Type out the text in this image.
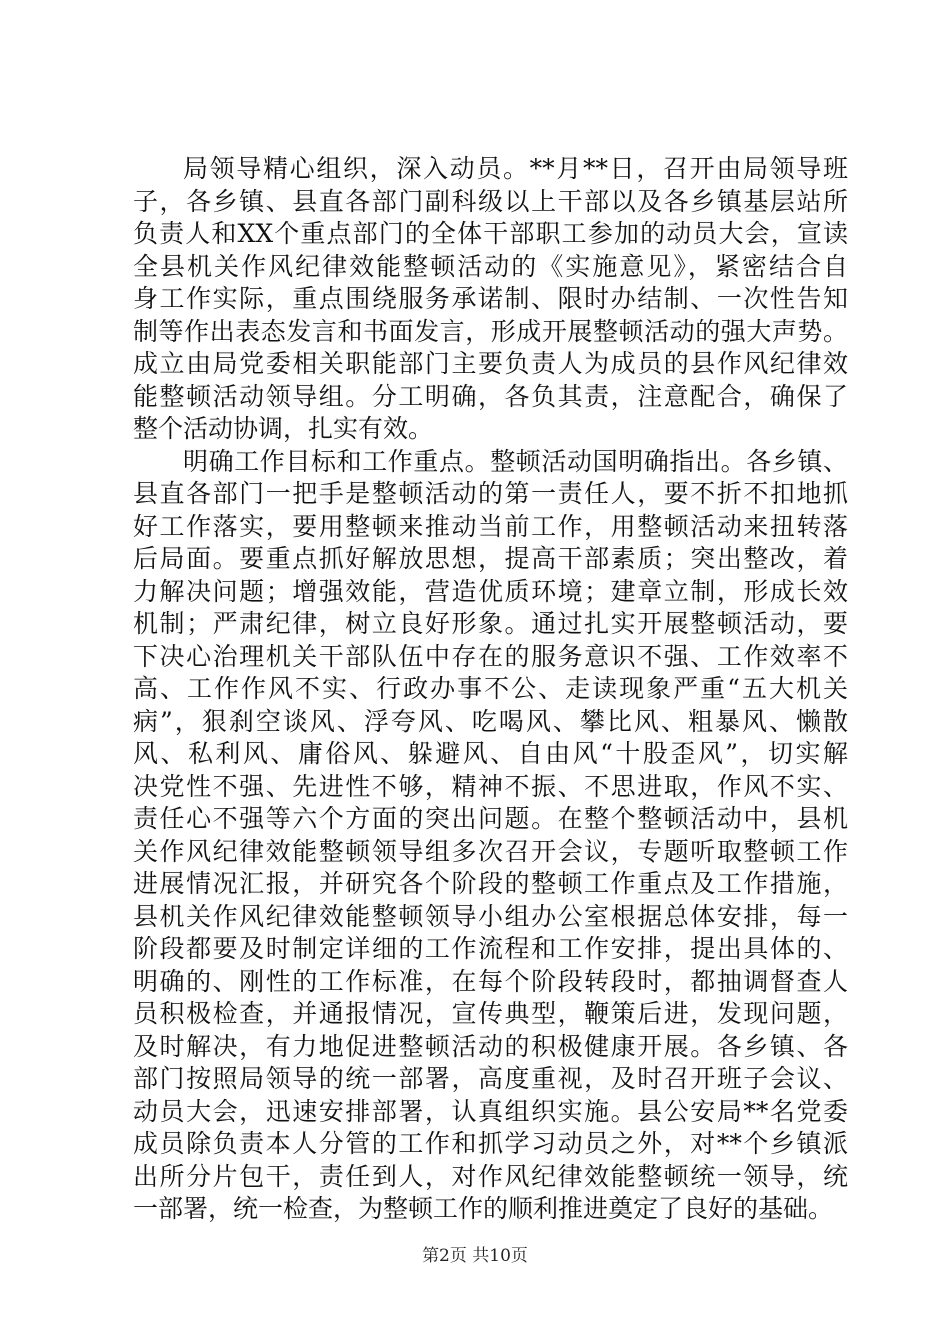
局领导精心组织，深入动员。**月**日，召开由局领导班
子，各乡镇、县直各部门副科级以上干部以及各乡镇基层站所
负责人和XX个重点部门的全体干部职工参加的动员大会，宣读
全县机关作风纪律效能整顿活动的《实施意见》，紧密结合自
身工作实际，重点围绕服务承诺制、限时办结制、一次性告知
制等作出表态发言和书面发言，形成开展整顿活动的强大声势。
成立由局党委相关职能部门主要负责人为成员的县作风纪律效
能整顿活动领导组。分工明确，各负其责，注意配合，确保了
整个活动协调，扎实有效。
明确工作目标和工作重点。整顿活动国明确指出。各乡镇、
县直各部门一把手是整顿活动的第一责任人，要不折不扣地抓
好工作落实，要用整顿来推动当前工作，用整顿活动来扭转落
后局面。要重点抓好解放思想，提高干部素质；突出整改，着
力解决问题；增强效能，营造优质环境；建章立制，形成长效
机制；严肃纪律，树立良好形象。通过扎实开展整顿活动，要
下决心治理机关干部队伍中存在的服务意识不强、工作效率不
高、工作作风不实、行政办事不公、走读现象严重“五大机关
病”，狠刹空谈风、浮夸风、吃喝风、攀比风、粗暴风、懒散
风、私利风、庸俗风、躲避风、自由风“十股歪风”，切实解
决党性不强、先进性不够，精神不振、不思进取，作风不实、
责任心不强等六个方面的突出问题。在整个整顿活动中，县机
关作风纪律效能整顿领导组多次召开会议，专题听取整顿工作
进展情况汇报，并研究各个阶段的整顿工作重点及工作措施，
县机关作风纪律效能整顿领导小组办公室根据总体安排，每一
阶段都要及时制定详细的工作流程和工作安排，提出具体的、
明确的、刚性的工作标准，在每个阶段转段时，都抽调督查人
员积极检查，并通报情况，宣传典型，鞭策后进，发现问题，
及时解决，有力地促进整顿活动的积极健康开展。各乡镇、各
部门按照局领导的统一部署，高度重视，及时召开班子会议、
动员大会，迅速安排部署，认真组织实施。县公安局**名党委
成员除负责本人分管的工作和抓学习动员之外，对**个乡镇派
出所分片包干，责任到人，对作风纪律效能整顿统一领导，统
一部署，统一检查，为整顿工作的顺利推进奠定了良好的基础。
第2页 共10页
